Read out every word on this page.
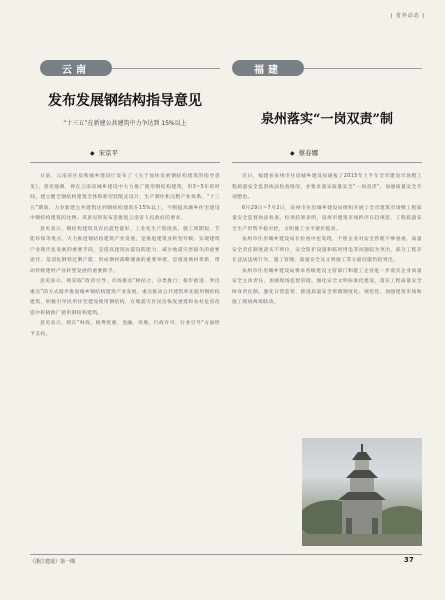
| 省外动态 |
云南
发布发展钢结构指导意见
“十三五”在新建公共建筑中力争达到 15%以上
◆ 宋京平

日前，云南省住房和城乡建设厅发布了《关于加快发展钢结构建筑的指导意见》，意见强调，将在云南省城乡建设中大力推广使用钢结构建筑，用3~5年的时间，建立健全钢结构建筑全体和新型装配式设计、生产制作和完整产业体系。“十三五”期间，力争新建公共建筑达到钢结构建筑在15%以上，不断提高城乡住宅建设中钢结构建筑的比例。该意见的发布是推进云南省人民政府的要求。

意见表示，钢结构建筑具有抗震性能好、工业化生产程度高、施工周期短、节能环保等优点，大力推进钢结构建筑产业发展，是推进建筑业转型升级、实现建筑产业现代化发展的重要手段，是提高建筑抗震设防能力、减少地震灾害损失的重要途径，是消化钢铁过剩产能、形成钢材战略储备的重要举措，是推进换材革新、带动传统建材产业转型发展的重要抓手。

意见表示，将采取“政府引导、市场推动”相结合，分类推行；稳步推进、突出重点”的方式稳步推进城乡钢结构建筑产业发展。重点推动公共建筑率先使用钢结构建筑，积极引导民用住宅建设使用钢结构，在地震灾区民房恢复重建和农村危房改造中积极推广使用钢结构建筑。

意见表示，将在“财政、税费优惠、金融、用地、行政许可、行业引导”方面给予支持。

福建
泉州落实“一岗双责”制
◆ 蔡春娜

近日，福建省泉州市住房城乡建设局通报了2015年上半年全市建设市场暨工程质量安全监督执法检查情况，并要求落实质量安全“一岗双责”，加强质量安全专项整治。

6月29日~7月2日，泉州市住房城乡建设局组织开展了全市建筑市场暨工程质量安全监督执法检查。检查结果表明，泉州市建筑市场秩序日趋规范，工程质量安全生产形势平稳可控，文明施工水平逐步提高。

泉州市住房城乡建设局在检查中也发现，个别企业对安全管理不够重视，质量安全责任制度落实不到位，安全防护设施和临时用电等问题较为突出，部分工程存在违法违规行为，施工管理、质量安全及文明施工等方面问题仍较突出。

泉州市住房城乡建设局要求各级建设主管部门和施工企业进一步落实企业质量安全主体责任，加强现场监督管理，强化安全文明标准化建设，落实工程质量安全终身责任制，强化日常监管，推进质量安全管理制度化、规范化，加强建筑市场和施工现场两场联动。

《浙江建设》第一期	37
